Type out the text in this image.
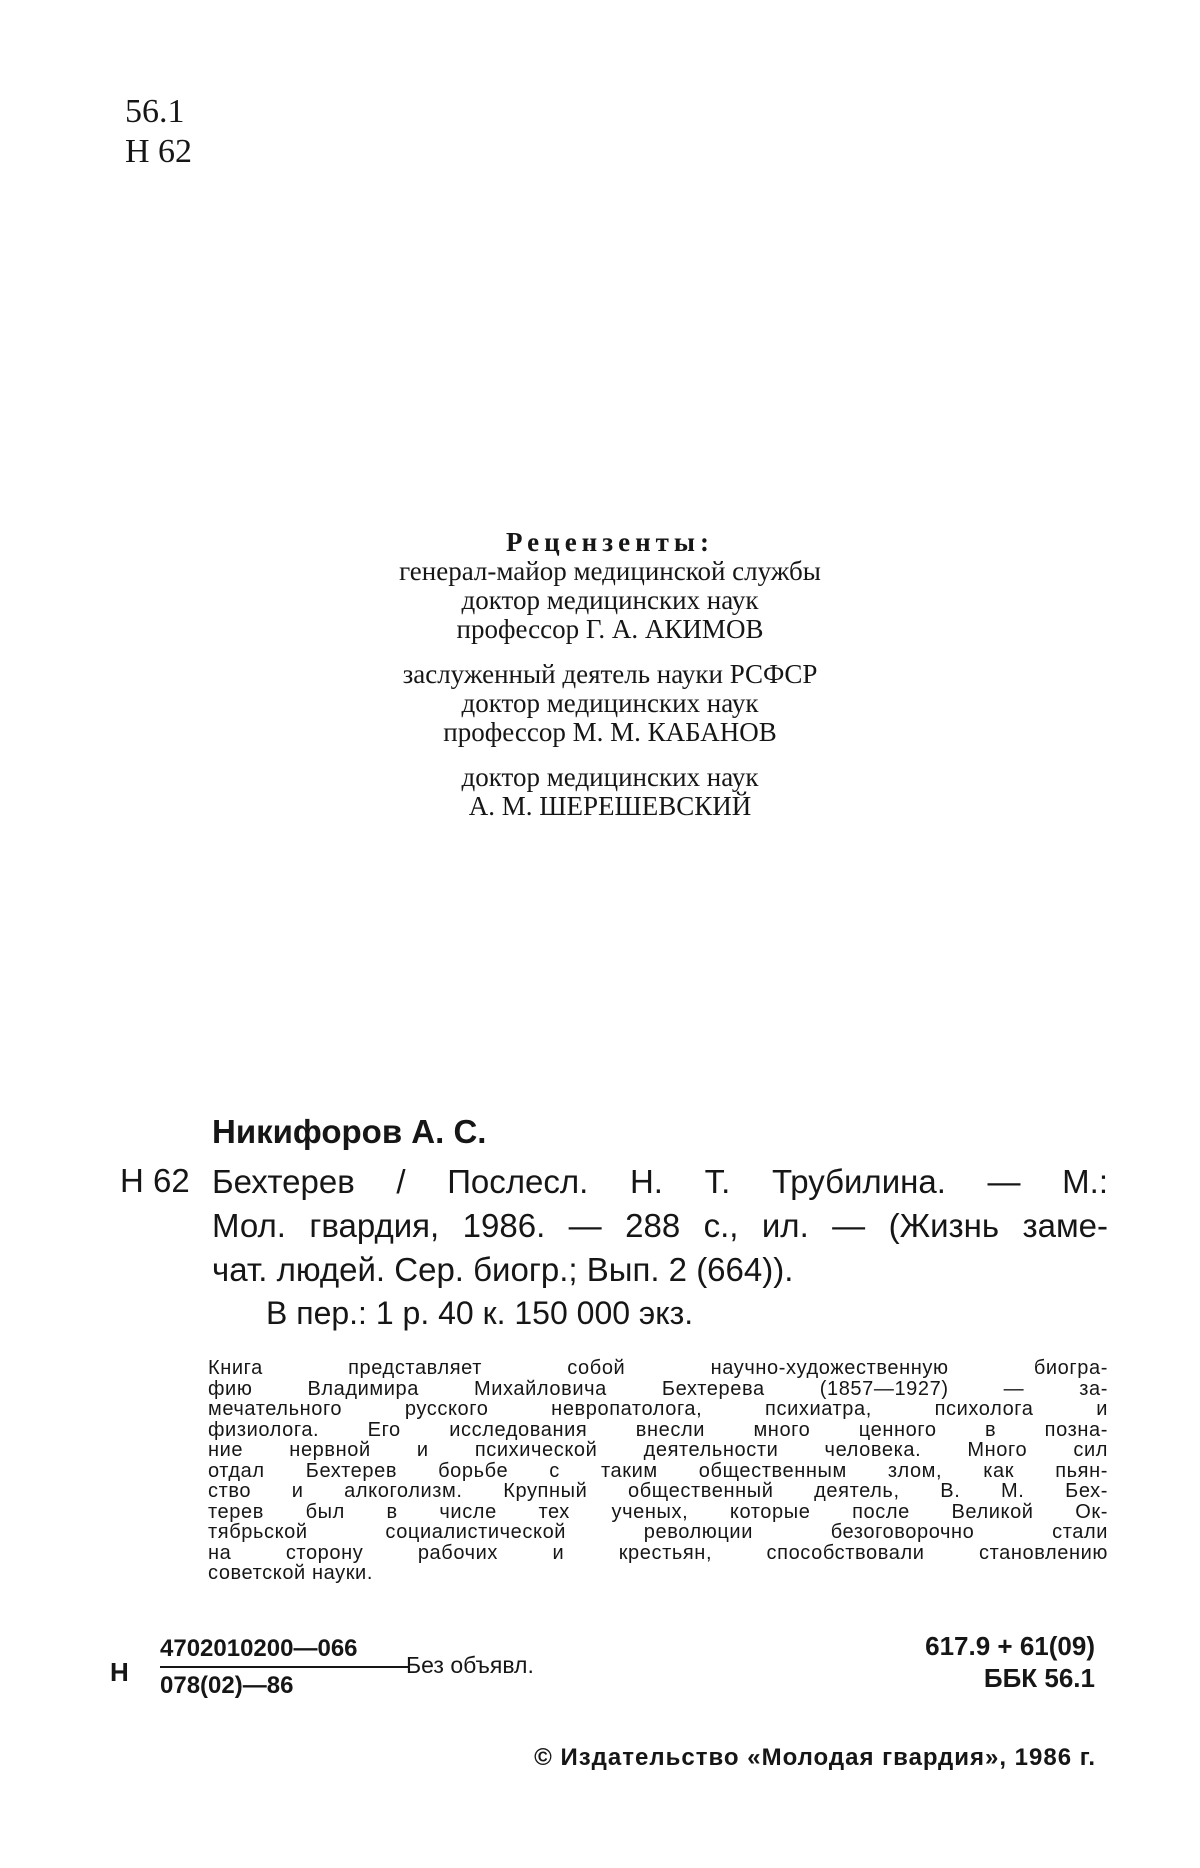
56.1
Н 62
Рецензенты:
генерал-майор медицинской службы
доктор медицинских наук
профессор Г. А. АКИМОВ
заслуженный деятель науки РСФСР
доктор медицинских наук
профессор М. М. КАБАНОВ
доктор медицинских наук
А. М. ШЕРЕШЕВСКИЙ
Никифоров А. С.
Н 62 Бехтерев / Послесл. Н. Т. Трубилина. — М.:
Мол. гвардия, 1986. — 288 с., ил. — (Жизнь заме-
чат. людей. Сер. биогр.; Вып. 2 (664)).
В пер.: 1 р. 40 к. 150 000 экз.
Книга представляет собой научно-художественную биогра-
фию Владимира Михайловича Бехтерева (1857—1927) — за-
мечательного русского невропатолога, психиатра, психолога и
физиолога. Его исследования внесли много ценного в позна-
ние нервной и психической деятельности человека. Много сил
отдал Бехтерев борьбе с таким общественным злом, как пьян-
ство и алкоголизм. Крупный общественный деятель, В. М. Бех-
терев был в числе тех ученых, которые после Великой Ок-
тябрьской социалистической революции безоговорочно стали
на сторону рабочих и крестьян, способствовали становлению
советской науки.
Н $\frac{4702010200—066}{078(02)—86}$ Без объявл.
617.9 + 61(09)
ББК 56.1
© Издательство «Молодая гвардия», 1986 г.
